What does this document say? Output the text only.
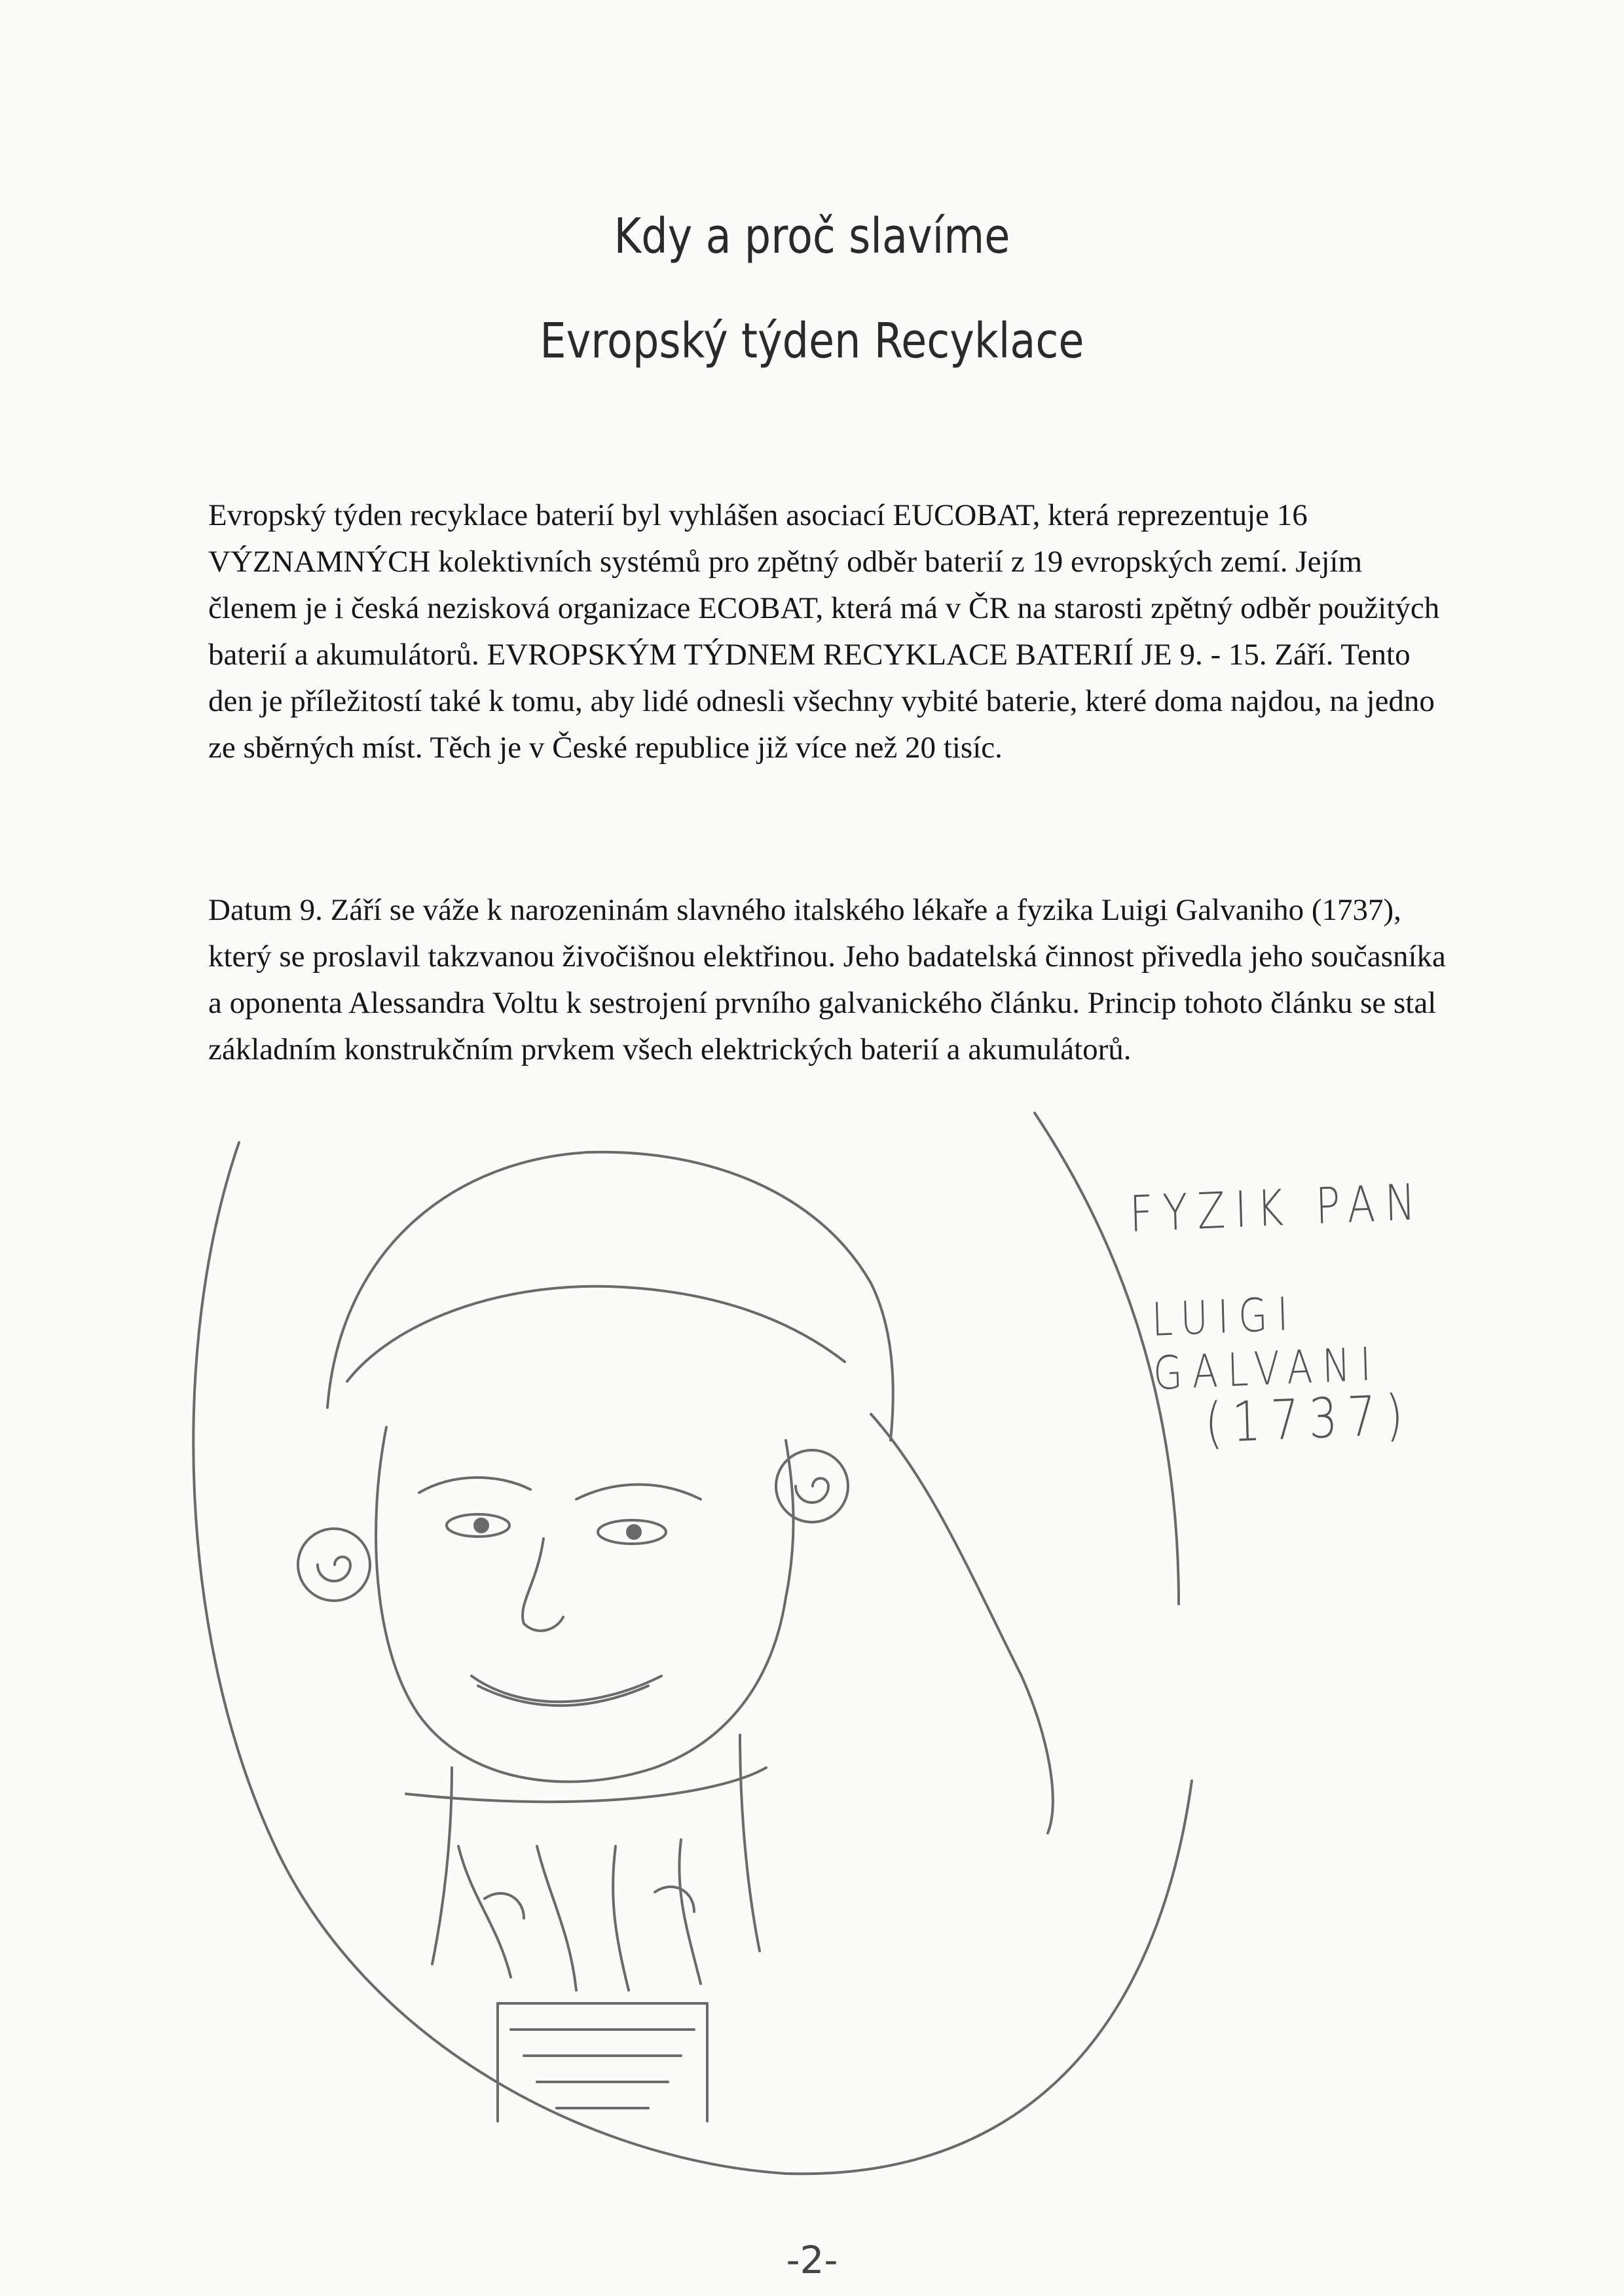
Kdy a proč slavíme
Evropský týden Recyklace

Evropský týden recyklace baterií byl vyhlášen asociací EUCOBAT, která reprezentuje 16 VÝZNAMNÝCH kolektivních systémů pro zpětný odběr baterií z 19 evropských zemí. Jejím členem je i česká nezisková organizace ECOBAT, která má v ČR na starosti zpětný odběr použitých baterií a akumulátorů. EVROPSKÝM TÝDNEM RECYKLACE BATERIÍ JE 9. - 15. Září. Tento den je příležitostí také k tomu, aby lidé odnesli všechny vybité baterie, které doma najdou, na jedno ze sběrných míst. Těch je v České republice již více než 20 tisíc.

Datum 9. Září se váže k narozeninám slavného italského lékaře a fyzika Luigi Galvaniho (1737), který se proslavil takzvanou živočišnou elektřinou. Jeho badatelská činnost přivedla jeho současníka a oponenta Alessandra Voltu k sestrojení prvního galvanického článku. Princip tohoto článku se stal základním konstrukčním prvkem všech elektrických baterií a akumulátorů.

FYZIK PAN
LUIGI GALVANI
(1737)
-2-
